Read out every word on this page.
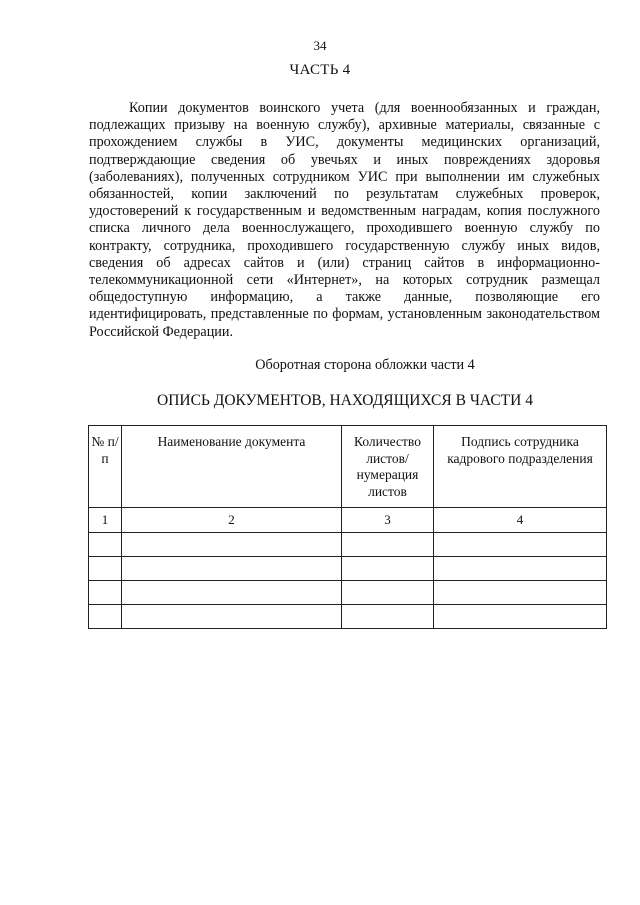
34
ЧАСТЬ 4

Копии документов воинского учета (для военнообязанных и граждан, подлежащих призыву на военную службу), архивные материалы, связанные с прохождением службы в УИС, документы медицинских организаций, подтверждающие сведения об увечьях и иных повреждениях здоровья (заболеваниях), полученных сотрудником УИС при выполнении им служебных обязанностей, копии заключений по результатам служебных проверок, удостоверений к государственным и ведомственным наградам, копия послужного списка личного дела военнослужащего, проходившего военную службу по контракту, сотрудника, проходившего государственную службу иных видов, сведения об адресах сайтов и (или) страниц сайтов в информационно-телекоммуникационной сети «Интернет», на которых сотрудник размещал общедоступную информацию, а также данные, позволяющие его идентифицировать, представленные по формам, установленным законодательством Российской Федерации.

Оборотная сторона обложки части 4
ОПИСЬ ДОКУМЕНТОВ, НАХОДЯЩИХСЯ В ЧАСТИ 4
№ п/п	Наименование документа	Количество листов/ нумерация листов	Подпись сотрудника кадрового подразделения
1	2	3	4
